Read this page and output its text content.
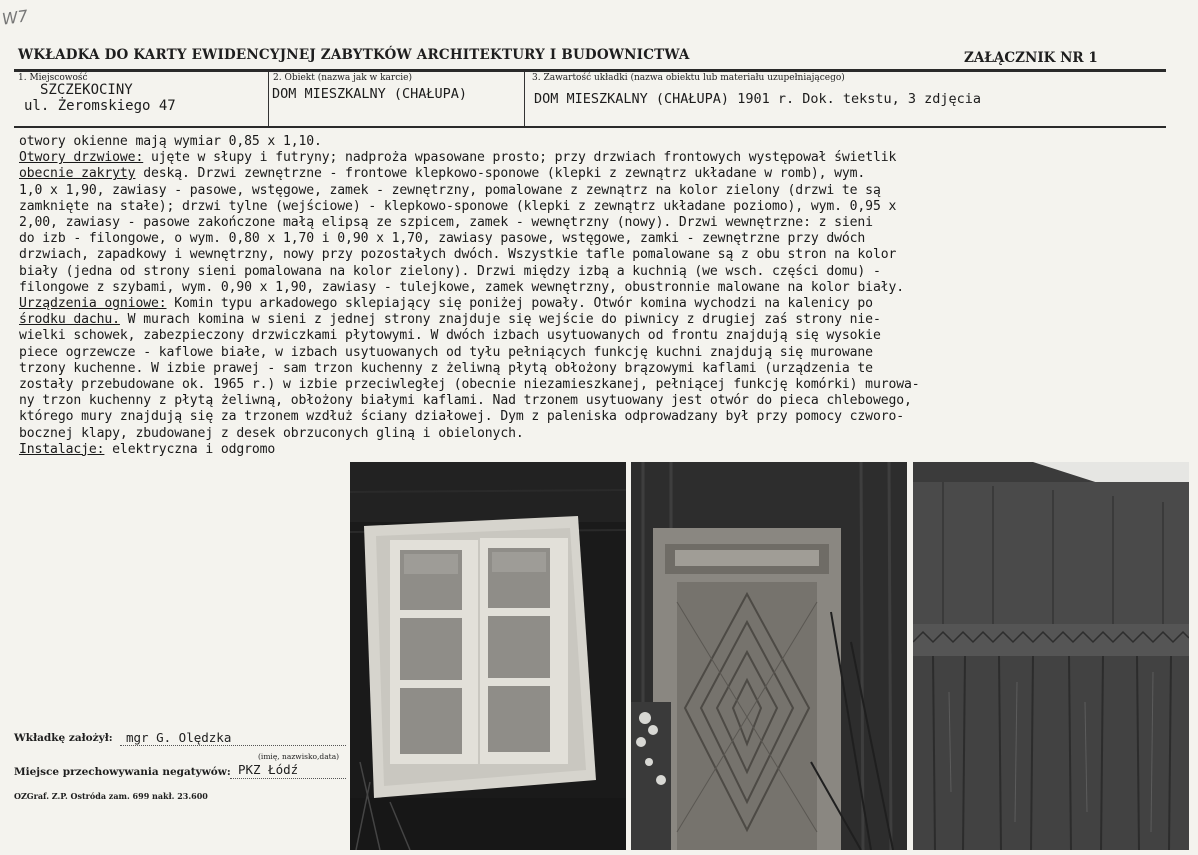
W7
WKŁADKA DO KARTY EWIDENCYJNEJ ZABYTKÓW ARCHITEKTURY I BUDOWNICTWA	ZAŁĄCZNIK NR 1
1. Miejscowość
SZCZEKOCINY
ul. Żeromskiego 47
2. Obiekt (nazwa jak w karcie)
DOM MIESZKALNY (CHAŁUPA)
3. Zawartość układki (nazwa obiektu lub materiału uzupełniającego)
DOM MIESZKALNY (CHAŁUPA) 1901 r. Dok. tekstu, 3 zdjęcia
otwory okienne mają wymiar 0,85 x 1,10.
Otwory drzwiowe: ujęte w słupy i futryny; nadproża wpasowane prosto; przy drzwiach frontowych występował świetlik
obecnie zakryty deską. Drzwi zewnętrzne - frontowe klepkowo-sponowe (klepki z zewnątrz układane w romb), wym.
1,0 x 1,90, zawiasy - pasowe, wstęgowe, zamek - zewnętrzny, pomalowane z zewnątrz na kolor zielony (drzwi te są
zamknięte na stałe); drzwi tylne (wejściowe) - klepkowo-sponowe (klepki z zewnątrz układane poziomo), wym. 0,95 x
2,00, zawiasy - pasowe zakończone małą elipsą ze szpicem, zamek - wewnętrzny (nowy). Drzwi wewnętrzne: z sieni
do izb - filongowe, o wym. 0,80 x 1,70 i 0,90 x 1,70, zawiasy pasowe, wstęgowe, zamki - zewnętrzne przy dwóch
drzwiach, zapadkowy i wewnętrzny, nowy przy pozostałych dwóch. Wszystkie tafle pomalowane są z obu stron na kolor
biały (jedna od strony sieni pomalowana na kolor zielony). Drzwi między izbą a kuchnią (we wsch. części domu) -
filongowe z szybami, wym. 0,90 x 1,90, zawiasy - tulejkowe, zamek wewnętrzny, obustronnie malowane na kolor biały.
Urządzenia ogniowe: Komin typu arkadowego sklepiający się poniżej powały. Otwór komina wychodzi na kalenicy po
środku dachu. W murach komina w sieni z jednej strony znajduje się wejście do piwnicy z drugiej zaś strony nie-
wielki schowek, zabezpieczony drzwiczkami płytowymi. W dwóch izbach usytuowanych od frontu znajdują się wysokie
piece ogrzewcze - kaflowe białe, w izbach usytuowanych od tyłu pełniących funkcję kuchni znajdują się murowane
trzony kuchenne. W izbie prawej - sam trzon kuchenny z żeliwną płytą obłożony brązowymi kaflami (urządzenia te
zostały przebudowane ok. 1965 r.) w izbie przeciwległej (obecnie niezamieszkanej, pełniącej funkcję komórki) murowa-
ny trzon kuchenny z płytą żeliwną, obłożony białymi kaflami. Nad trzonem usytuowany jest otwór do pieca chlebowego,
którego mury znajdują się za trzonem wzdłuż ściany działowej. Dym z paleniska odprowadzany był przy pomocy czworo-
bocznej klapy, zbudowanej z desek obrzuconych gliną i obielonych.
Instalacje: elektryczna i odgromo
Wkładkę założył: mgr G. Olędzka
(imię, nazwisko,data)
Miejsce przechowywania negatywów: PKZ Łódź
OZGraf. Z.P. Ostróda zam. 699 nakł. 23.600
